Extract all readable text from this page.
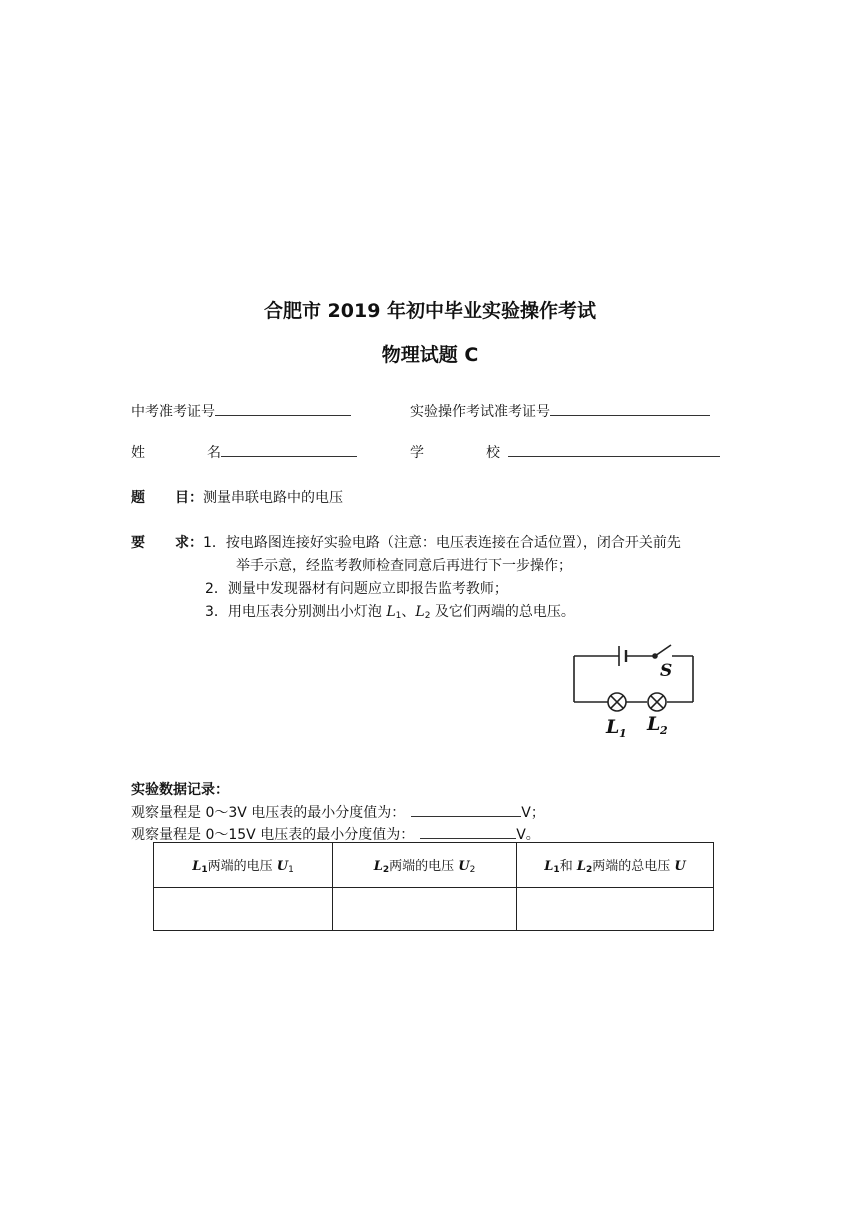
合肥市 2019 年初中毕业实验操作考试
物理试题 C
中考准考证号	实验操作考试准考证号
姓	名	学	校
题 目：测量串联电路中的电压
要 求：1．按电路图连接好实验电路（注意：电压表连接在合适位置），闭合开关前先
举手示意，经监考教师检查同意后再进行下一步操作；
2．测量中发现器材有问题应立即报告监考教师；
3．用电压表分别测出小灯泡 $L_1$、$L_2$ 及它们两端的总电压。
S
L 1 L 2
实验数据记录：
观察量程是 0～3V 电压表的最小分度值为：	V；
观察量程是 0～15V 电压表的最小分度值为：	V。
$L_1$两端的电压 $U_1$	$L_2$两端的电压 $U_2$	$L_1$和 $L_2$两端的总电压 U
